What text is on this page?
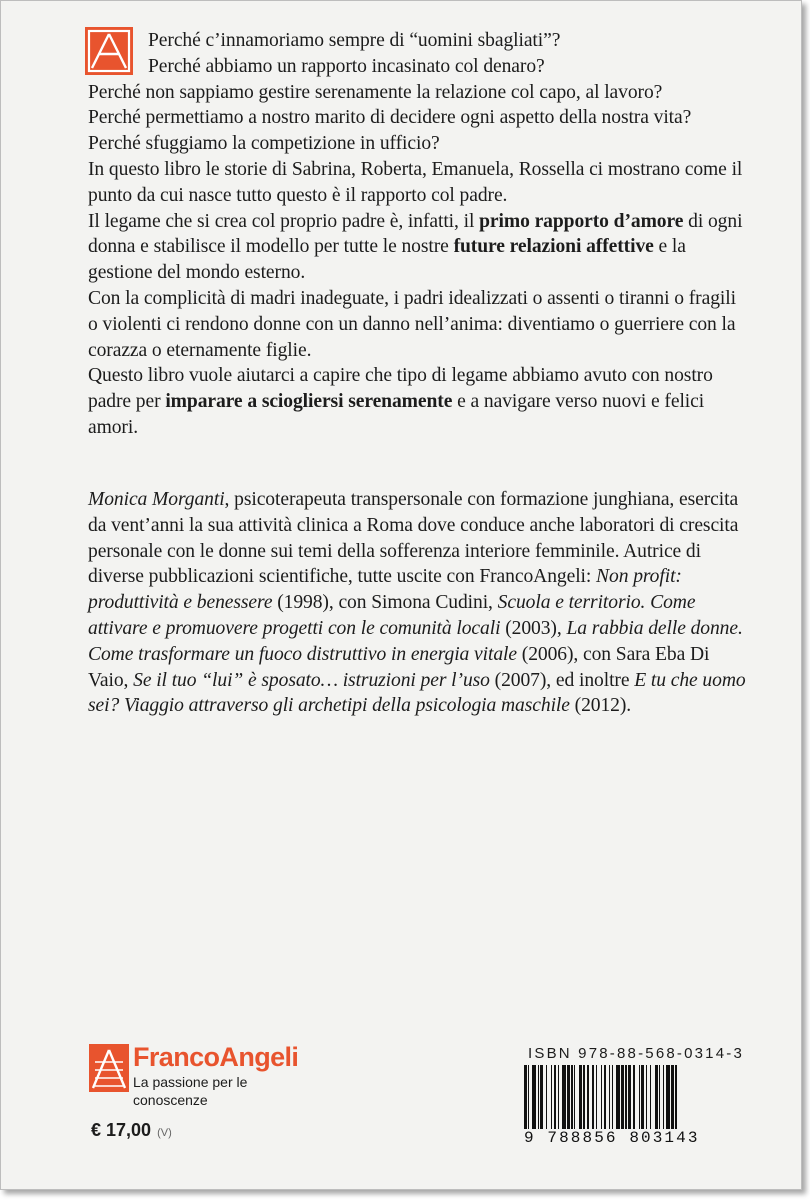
Perché c’innamoriamo sempre di “uomini sbagliati”?

Perché abbiamo un rapporto incasinato col denaro?

Perché non sappiamo gestire serenamente la relazione col capo, al lavoro?

Perché permettiamo a nostro marito di decidere ogni aspetto della nostra vita?

Perché sfuggiamo la competizione in ufficio?

In questo libro le storie di Sabrina, Roberta, Emanuela, Rossella ci mostrano come il punto da cui nasce tutto questo è il rapporto col padre.

Il legame che si crea col proprio padre è, infatti, il primo rapporto d’amore di ogni donna e stabilisce il modello per tutte le nostre future relazioni affettive e la gestione del mondo esterno.

Con la complicità di madri inadeguate, i padri idealizzati o assenti o tiranni o fragili o violenti ci rendono donne con un danno nell’anima: diventiamo o guerriere con la corazza o eternamente figlie.

Questo libro vuole aiutarci a capire che tipo di legame abbiamo avuto con nostro padre per imparare a sciogliersi serenamente e a navigare verso nuovi e felici amori.

Monica Morganti, psicoterapeuta transpersonale con formazione junghiana, esercita da vent’anni la sua attività clinica a Roma dove conduce anche laboratori di crescita personale con le donne sui temi della sofferenza interiore femminile. Autrice di diverse pubblicazioni scientifiche, tutte uscite con FrancoAngeli: Non profit: produttività e benessere (1998), con Simona Cudini, Scuola e territorio. Come attivare e promuovere progetti con le comunità locali (2003), La rabbia delle donne. Come trasformare un fuoco distruttivo in energia vitale (2006), con Sara Eba Di Vaio, Se il tuo “lui” è sposato… istruzioni per l’uso (2007), ed inoltre E tu che uomo sei? Viaggio attraverso gli archetipi della psicologia maschile (2012).

FrancoAngeli
La passione per le conoscenze
€ 17,00 (V)
ISBN 978-88-568-0314-3
9 788856 803143
